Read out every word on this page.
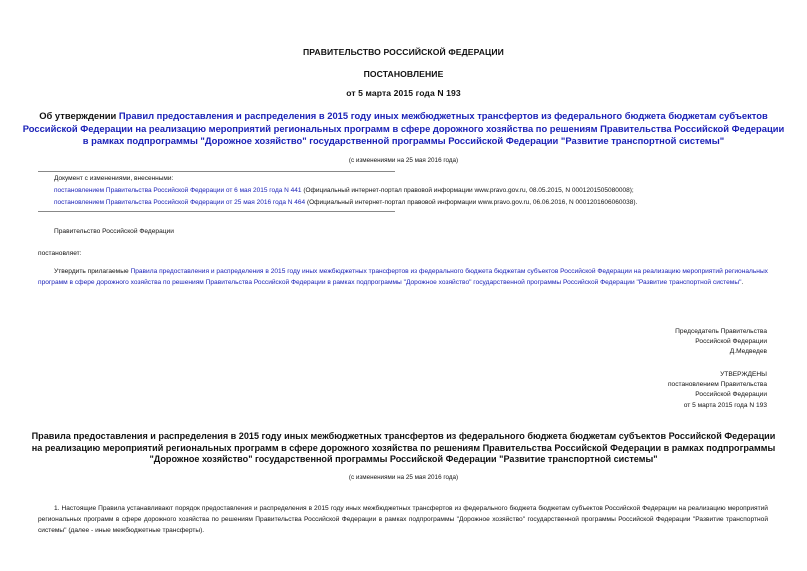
ПРАВИТЕЛЬСТВО РОССИЙСКОЙ ФЕДЕРАЦИИ
ПОСТАНОВЛЕНИЕ
от 5 марта 2015 года N 193
Об утверждении Правил предоставления и распределения в 2015 году иных межбюджетных трансфертов из федерального бюджета бюджетам субъектов
Российской Федерации на реализацию мероприятий региональных программ в сфере дорожного хозяйства по решениям Правительства Российской Федерации
в рамках подпрограммы "Дорожное хозяйство" государственной программы Российской Федерации "Развитие транспортной системы"
(с изменениями на 25 мая 2016 года)
Документ с изменениями, внесенными:
постановлением Правительства Российской Федерации от 6 мая 2015 года N 441 (Официальный интернет-портал правовой информации www.pravo.gov.ru, 08.05.2015, N 0001201505080008);
постановлением Правительства Российской Федерации от 25 мая 2016 года N 464 (Официальный интернет-портал правовой информации www.pravo.gov.ru, 06.06.2016, N 0001201606060038).
Правительство Российской Федерации
постановляет:
Утвердить прилагаемые Правила предоставления и распределения в 2015 году иных межбюджетных трансфертов из федерального бюджета бюджетам субъектов Российской Федерации на реализацию мероприятий региональных программ в сфере дорожного хозяйства по решениям Правительства Российской Федерации в рамках подпрограммы "Дорожное хозяйство" государственной программы Российской Федерации "Развитие транспортной системы".
Председатель Правительства
Российской Федерации
Д.Медведев
УТВЕРЖДЕНЫ
постановлением Правительства
Российской Федерации
от 5 марта 2015 года N 193
Правила предоставления и распределения в 2015 году иных межбюджетных трансфертов из федерального бюджета бюджетам субъектов Российской Федерации
на реализацию мероприятий региональных программ в сфере дорожного хозяйства по решениям Правительства Российской Федерации в рамках подпрограммы
"Дорожное хозяйство" государственной программы Российской Федерации "Развитие транспортной системы"
(с изменениями на 25 мая 2016 года)
1. Настоящие Правила устанавливают порядок предоставления и распределения в 2015 году иных межбюджетных трансфертов из федерального бюджета бюджетам субъектов Российской Федерации на реализацию мероприятий региональных программ в сфере дорожного хозяйства по решениям Правительства Российской Федерации в рамках подпрограммы "Дорожное хозяйство" государственной программы Российской Федерации "Развитие транспортной системы" (далее - иные межбюджетные трансферты).
